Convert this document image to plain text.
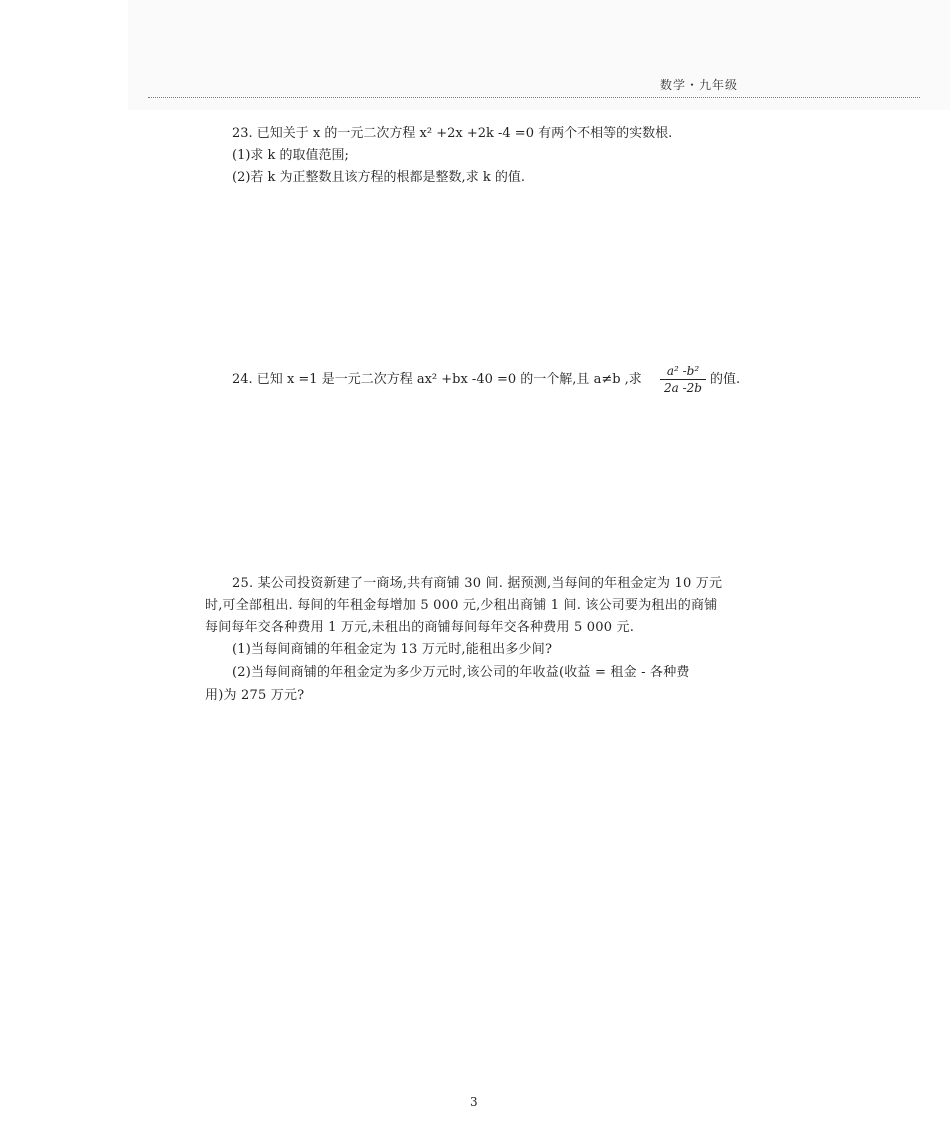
数学・九年级
23. 已知关于 x 的一元二次方程 x² +2x +2k -4 =0 有两个不相等的实数根.
(1)求 k 的取值范围;
(2)若 k 为正整数且该方程的根都是整数,求 k 的值.
24. 已知 x =1 是一元二次方程 ax² +bx -40 =0 的一个解,且 a≠b ,求
a² -b²
2a -2b
的值.
25. 某公司投资新建了一商场,共有商铺 30 间. 据预测,当每间的年租金定为 10 万元
时,可全部租出. 每间的年租金每增加 5 000 元,少租出商铺 1 间. 该公司要为租出的商铺
每间每年交各种费用 1 万元,未租出的商铺每间每年交各种费用 5 000 元.
(1)当每间商铺的年租金定为 13 万元时,能租出多少间?
(2)当每间商铺的年租金定为多少万元时,该公司的年收益(收益 = 租金 - 各种费
用)为 275 万元?
3
